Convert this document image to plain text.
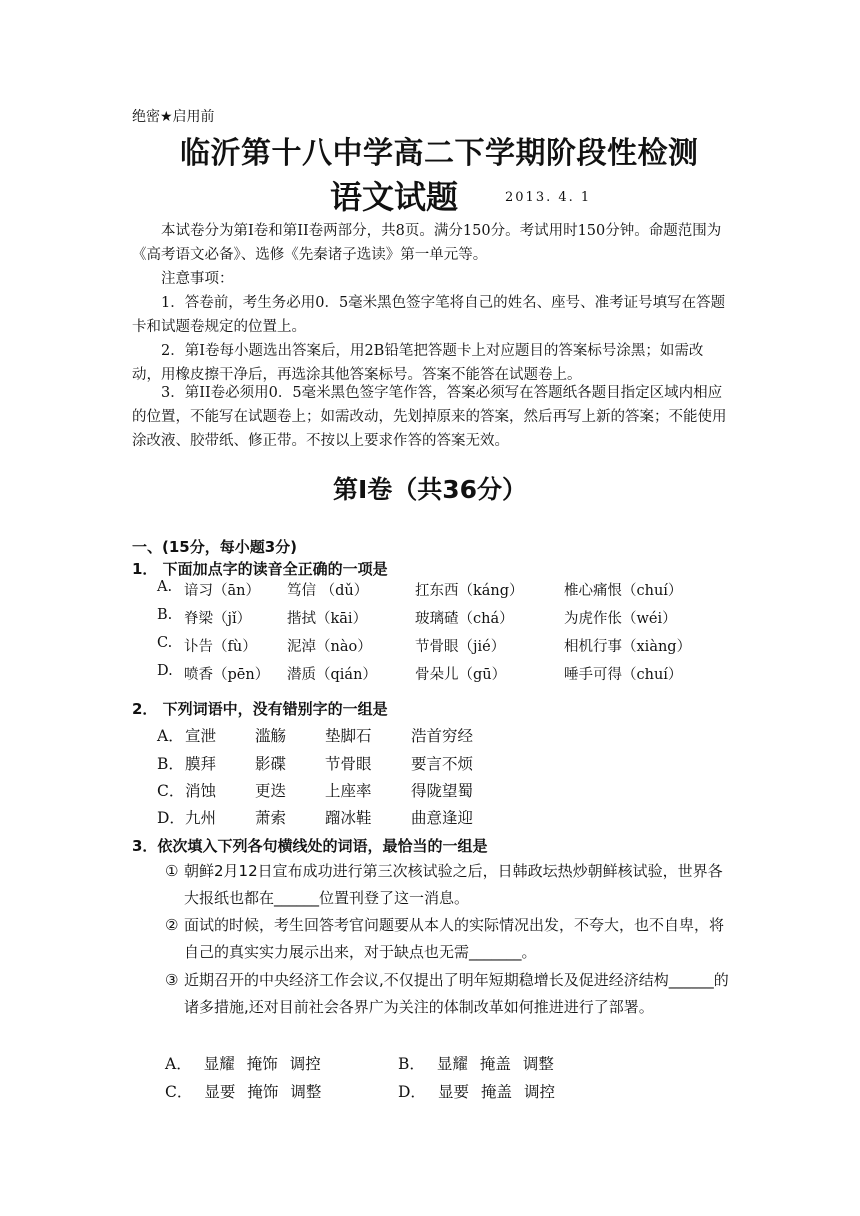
绝密★启用前
临沂第十八中学高二下学期阶段性检测
语文试题	2013. 4. 1
本试卷分为第Ⅰ卷和第II卷两部分，共8页。满分150分。考试用时150分钟。命题范围为《高考语文必备》、选修《先秦诸子选读》第一单元等。
注意事项：
1．答卷前，考生务必用0．5毫米黑色签字笔将自己的姓名、座号、准考证号填写在答题卡和试题卷规定的位置上。
2．第Ⅰ卷每小题选出答案后，用2B铅笔把答题卡上对应题目的答案标号涂黑；如需改动，用橡皮擦干净后，再选涂其他答案标号。答案不能答在试题卷上。
3．第II卷必须用0．5毫米黑色签字笔作答，答案必须写在答题纸各题目指定区域内相应的位置，不能写在试题卷上；如需改动，先划掉原来的答案，然后再写上新的答案；不能使用涂改液、胶带纸、修正带。不按以上要求作答的答案无效。
第Ⅰ卷（共36分）
一、(15分，每小题3分)
1． 下面加点字的读音全正确的一项是
A. 谙习（ān） 笃信 （dǔ）	扛东西（káng）	椎心痛恨（chuí）
B. 脊梁（jǐ） 揩拭（kāi）	玻璃碴（chá）	为虎作伥（wéi）
C. 讣告（fù） 泥淖（nào）	节骨眼（jié）	相机行事（xiàng）
D. 喷香（pēn） 潜质（qián）	骨朵儿（gū）	唾手可得（chuí）
2． 下列词语中，没有错别字的一组是
A． 宣泄	滥觞	垫脚石	浩首穷经
B． 膜拜	影碟	节骨眼	要言不烦
C． 消蚀	更迭	上座率	得陇望蜀
D． 九州	萧索	蹓冰鞋	曲意逢迎
3．依次填入下列各句横线处的词语，最恰当的一组是
① 朝鲜2月12日宣布成功进行第三次核试验之后，日韩政坛热炒朝鲜核试验，世界各大报纸也都在______位置刊登了这一消息。
② 面试的时候，考生回答考官问题要从本人的实际情况出发，不夸大，也不自卑，将自己的真实实力展示出来，对于缺点也无需_______。
③ 近期召开的中央经济工作会议,不仅提出了明年短期稳增长及促进经济结构______的诸多措施,还对目前社会各界广为关注的体制改革如何推进进行了部署。
A． 显耀 掩饰 调控	B． 显耀 掩盖 调整
C． 显要 掩饰 调整	D． 显要 掩盖 调控
